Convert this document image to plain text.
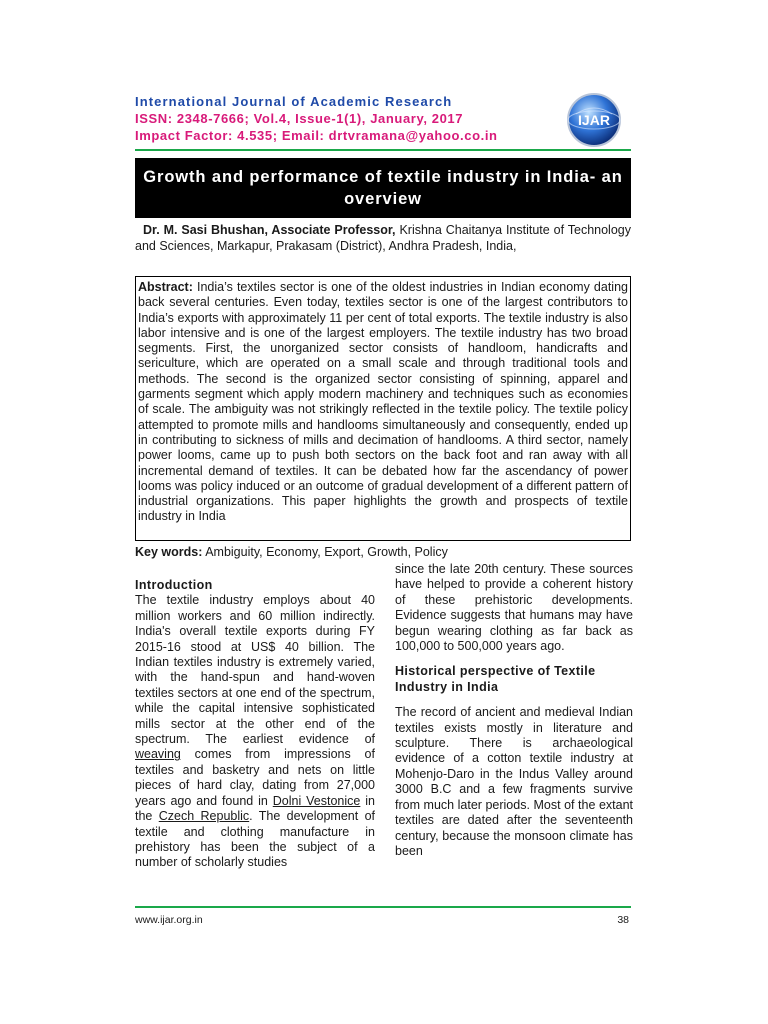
International Journal of Academic Research
ISSN: 2348-7666; Vol.4, Issue-1(1), January, 2017
Impact Factor: 4.535; Email: drtvramana@yahoo.co.in
IJAR
Growth and performance of textile industry in India- an overview
Dr. M. Sasi Bhushan, Associate Professor, Krishna Chaitanya Institute of Technology and Sciences, Markapur, Prakasam (District), Andhra Pradesh, India,
Abstract: India’s textiles sector is one of the oldest industries in Indian economy dating back several centuries. Even today, textiles sector is one of the largest contributors to India’s exports with approximately 11 per cent of total exports. The textile industry is also labor intensive and is one of the largest employers. The textile industry has two broad segments. First, the unorganized sector consists of handloom, handicrafts and sericulture, which are operated on a small scale and through traditional tools and methods. The second is the organized sector consisting of spinning, apparel and garments segment which apply modern machinery and techniques such as economies of scale. The ambiguity was not strikingly reflected in the textile policy. The textile policy attempted to promote mills and handlooms simultaneously and consequently, ended up in contributing to sickness of mills and decimation of handlooms. A third sector, namely power looms, came up to push both sectors on the back foot and ran away with all incremental demand of textiles. It can be debated how far the ascendancy of power looms was policy induced or an outcome of gradual development of a different pattern of industrial organizations. This paper highlights the growth and prospects of textile industry in India
Key words: Ambiguity, Economy, Export, Growth, Policy
Introduction
The textile industry employs about 40 million workers and 60 million indirectly. India's overall textile exports during FY 2015-16 stood at US$ 40 billion. The Indian textiles industry is extremely varied, with the hand-spun and hand-woven textiles sectors at one end of the spectrum, while the capital intensive sophisticated mills sector at the other end of the spectrum. The earliest evidence of weaving comes from impressions of textiles and basketry and nets on little pieces of hard clay, dating from 27,000 years ago and found in Dolni Vestonice in the Czech Republic. The development of textile and clothing manufacture in prehistory has been the subject of a number of scholarly studies
since the late 20th century. These sources have helped to provide a coherent history of these prehistoric developments. Evidence suggests that humans may have begun wearing clothing as far back as 100,000 to 500,000 years ago.
Historical perspective of Textile Industry in India
The record of ancient and medieval Indian textiles exists mostly in literature and sculpture. There is archaeological evidence of a cotton textile industry at Mohenjo-Daro in the Indus Valley around 3000 B.C and a few fragments survive from much later periods. Most of the extant textiles are dated after the seventeenth century, because the monsoon climate has been
www.ijar.org.in	38
